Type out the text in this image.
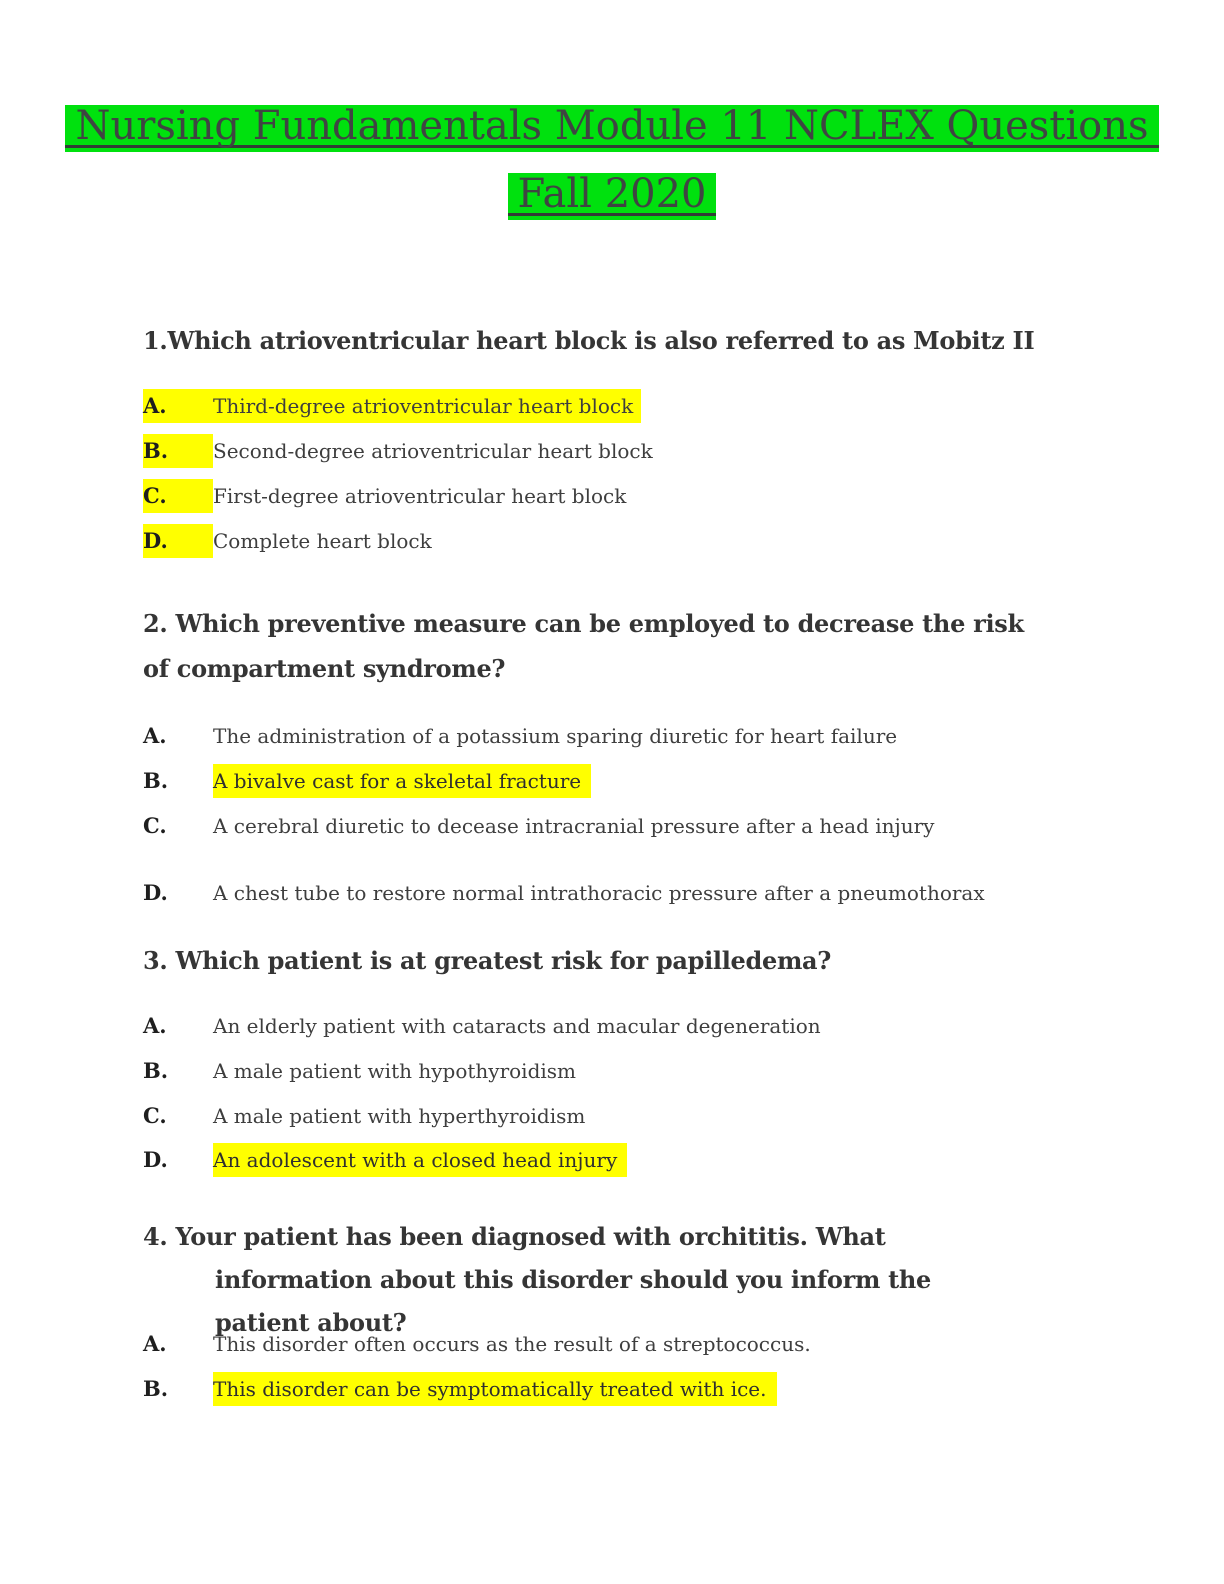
Nursing Fundamentals Module 11 NCLEX Questions
Fall 2020
1.Which atrioventricular heart block is also referred to as Mobitz II
A. Third-degree atrioventricular heart block
B. Second-degree atrioventricular heart block
C. First-degree atrioventricular heart block
D. Complete heart block
2. Which preventive measure can be employed to decrease the risk of compartment syndrome?
A. The administration of a potassium sparing diuretic for heart failure
B. A bivalve cast for a skeletal fracture
C. A cerebral diuretic to decease intracranial pressure after a head injury
D. A chest tube to restore normal intrathoracic pressure after a pneumothorax
3. Which patient is at greatest risk for papilledema?
A. An elderly patient with cataracts and macular degeneration
B. A male patient with hypothyroidism
C. A male patient with hyperthyroidism
D. An adolescent with a closed head injury
4. Your patient has been diagnosed with orchititis. What information about this disorder should you inform the patient about?
A. This disorder often occurs as the result of a streptococcus.
B. This disorder can be symptomatically treated with ice.
